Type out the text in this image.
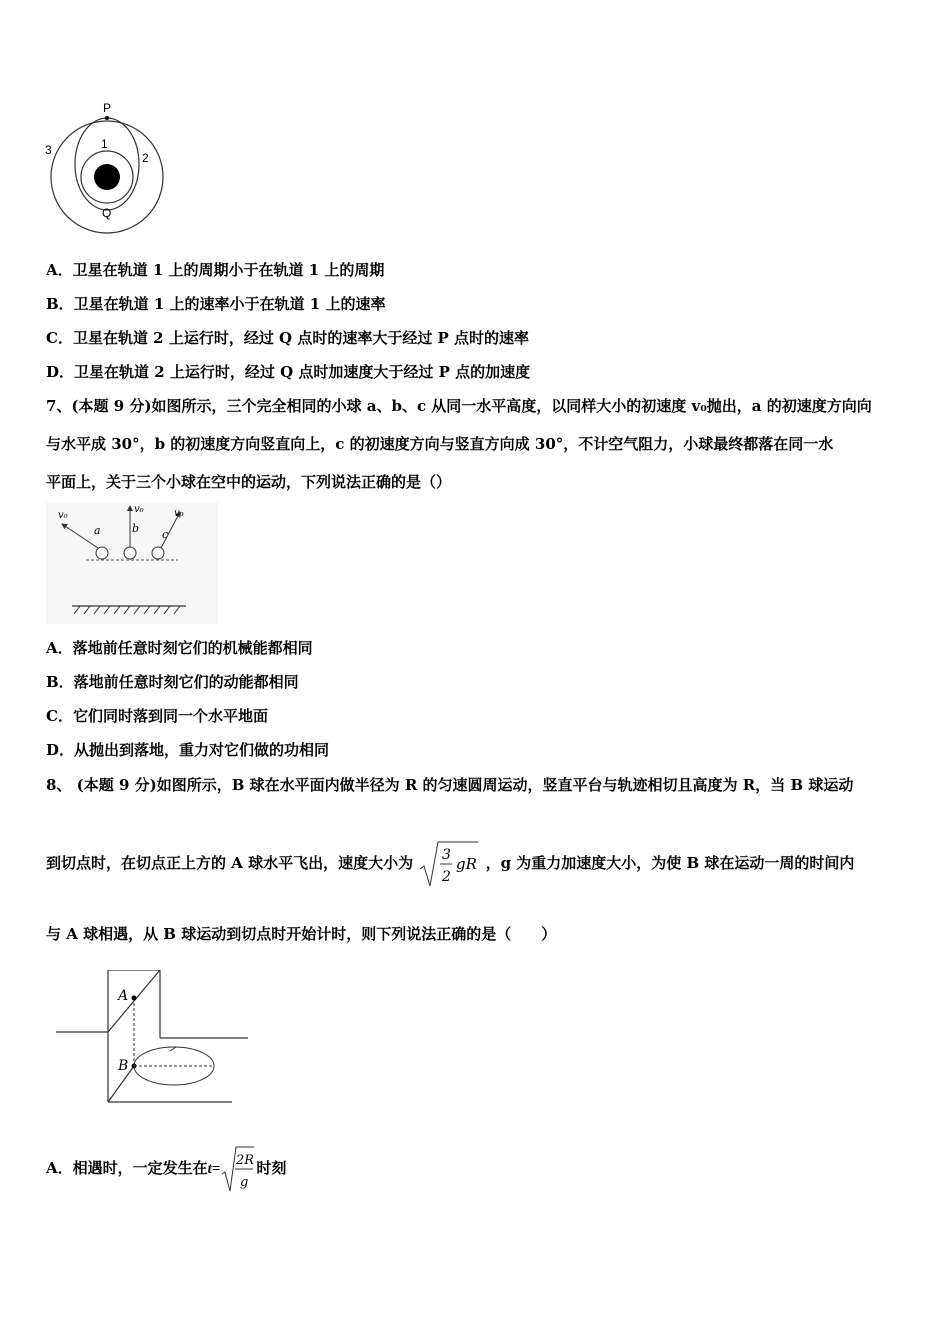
P
1
2
3
Q
A．卫星在轨道 1 上的周期小于在轨道 1 上的周期
B．卫星在轨道 1 上的速率小于在轨道 1 上的速率
C．卫星在轨道 2 上运行时，经过 Q 点时的速率大于经过 P 点时的速率
D．卫星在轨道 2 上运行时，经过 Q 点时加速度大于经过 P 点的加速度
7、(本题 9 分)如图所示，三个完全相同的小球 a、b、c 从同一水平高度，以同样大小的初速度 v₀抛出，a 的初速度方向向
与水平成 30°，b 的初速度方向竖直向上，c 的初速度方向与竖直方向成 30°，不计空气阻力，小球最终都落在同一水
平面上，关于三个小球在空中的运动，下列说法正确的是（）
v₀
v₀	v₀
a	b c
A．落地前任意时刻它们的机械能都相同
B．落地前任意时刻它们的动能都相同
C．它们同时落到同一个水平地面
D．从抛出到落地，重力对它们做的功相同
8、 (本题 9 分)如图所示，B 球在水平面内做半径为 R 的匀速圆周运动，竖直平台与轨迹相切且高度为 R，当 B 球运动
到切点时，在切点正上方的 A 球水平飞出，速度大小为 3
2
gR ，g 为重力加速度大小，为使 B 球在运动一周的时间内
与 A 球相遇，从 B 球运动到切点时开始计时，则下列说法正确的是（　　）
A
B
A．相遇时，一定发生在t=
2R
g
时刻
